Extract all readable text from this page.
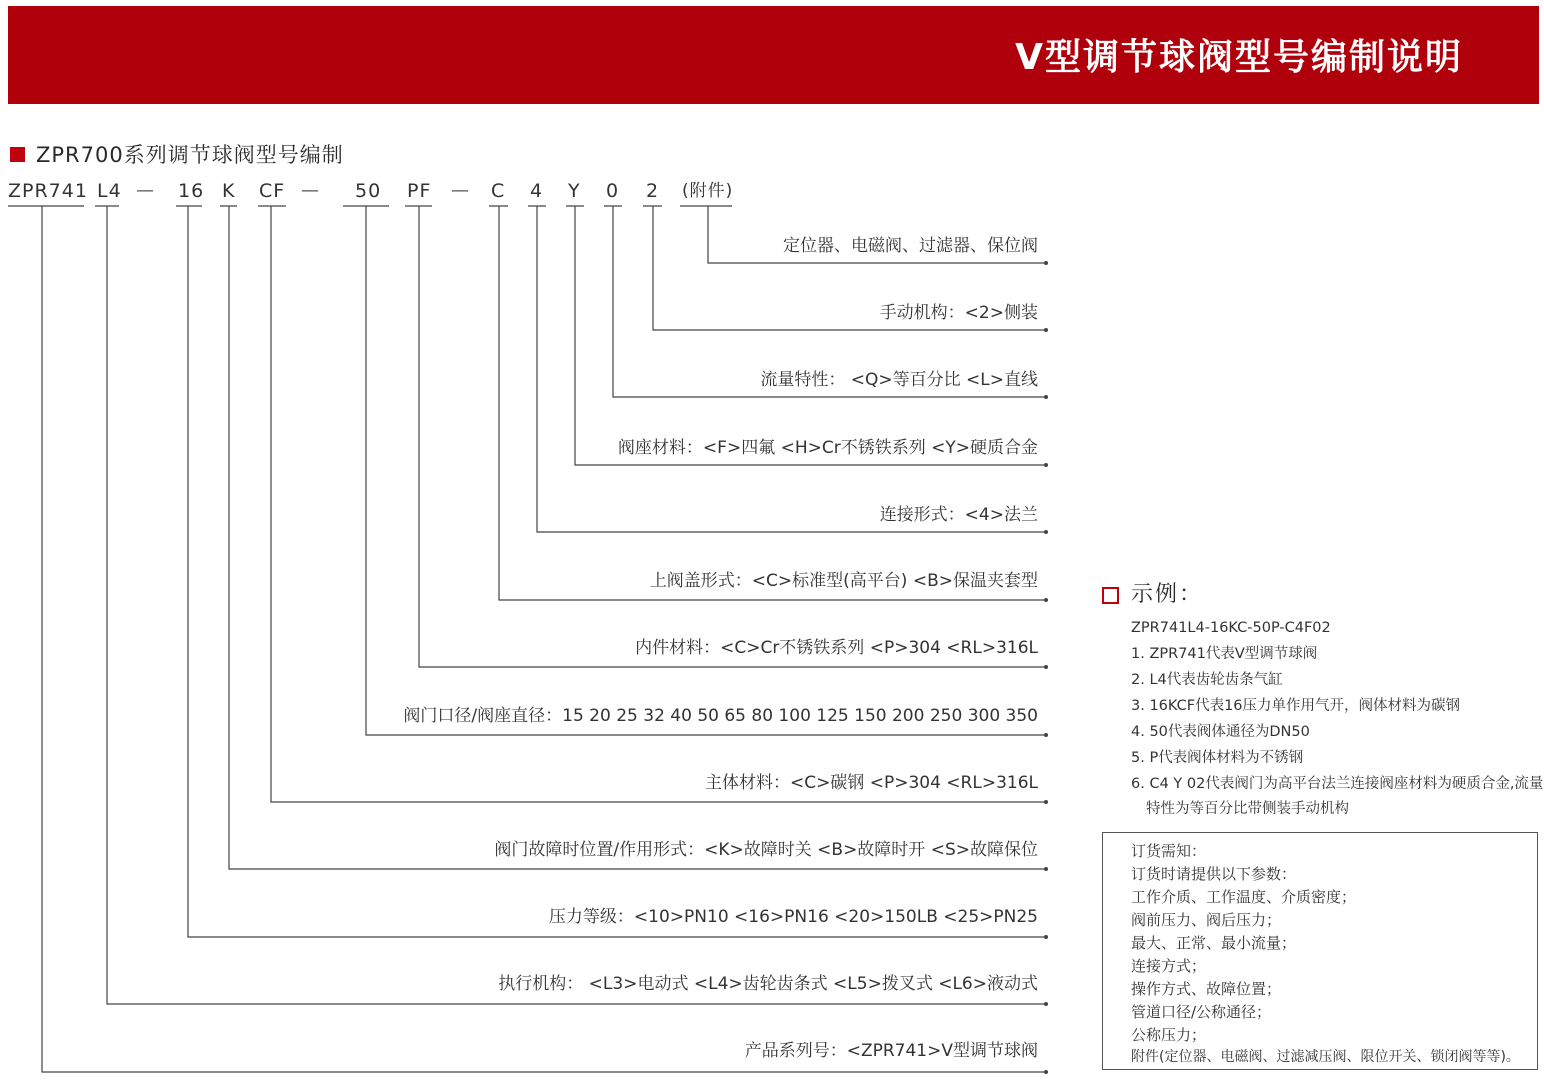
V型调节球阀型号编制说明
ZPR700系列调节球阀型号编制
ZPR741 L4 — 16 K CF — 50 PF — C 4 Y 0 2 (附件)
定位器、电磁阀、过滤器、保位阀
手动机构：<2>侧装
流量特性： <Q>等百分比 <L>直线
阀座材料：<F>四氟 <H>Cr不锈铁系列 <Y>硬质合金
连接形式：<4>法兰
上阀盖形式：<C>标准型(高平台) <B>保温夹套型
内件材料：<C>Cr不锈铁系列 <P>304 <RL>316L
阀门口径/阀座直径：15 20 25 32 40 50 65 80 100 125 150 200 250 300 350
主体材料：<C>碳钢 <P>304 <RL>316L
阀门故障时位置/作用形式：<K>故障时关 <B>故障时开 <S>故障保位
压力等级：<10>PN10 <16>PN16 <20>150LB <25>PN25
执行机构： <L3>电动式 <L4>齿轮齿条式 <L5>拨叉式 <L6>液动式
产品系列号：<ZPR741>V型调节球阀
示例：
ZPR741L4-16KC-50P-C4F02
1. ZPR741代表V型调节球阀
2. L4代表齿轮齿条气缸
3. 16KCF代表16压力单作用气开，阀体材料为碳钢
4. 50代表阀体通径为DN50
5. P代表阀体材料为不锈钢
6. C4 Y 02代表阀门为高平台法兰连接阀座材料为硬质合金,流量
特性为等百分比带侧装手动机构
订货需知：
订货时请提供以下参数：
工作介质、工作温度、介质密度；
阀前压力、阀后压力；
最大、正常、最小流量；
连接方式；
操作方式、故障位置；
管道口径/公称通径；
公称压力；
附件(定位器、电磁阀、过滤减压阀、限位开关、锁闭阀等等)。
